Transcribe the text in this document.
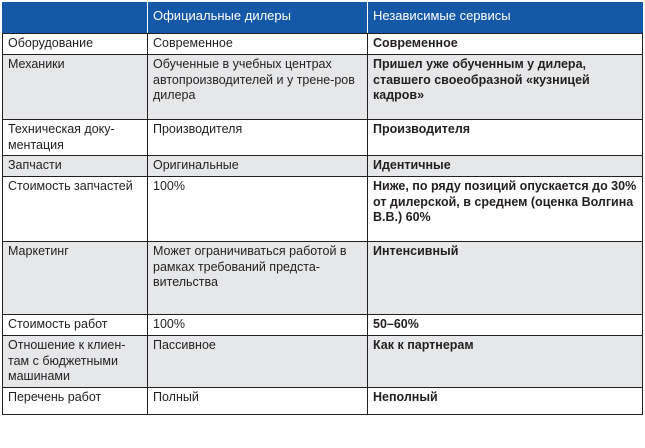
	Официальные дилеры	Независимые сервисы
Оборудование	Современное	Современное
Механики	Обученные в учебных центрах автопроизводителей и у трене-ров дилера	Пришел уже обученным у дилера, ставшего своеобразной «кузницей кадров»
Техническая доку-ментация	Производителя	Производителя
Запчасти	Оригинальные	Идентичные
Стоимость запчастей	100%	Ниже, по ряду позиций опускается до 30% от дилерской, в среднем (оценка Волгина В.В.) 60%
Маркетинг	Может ограничиваться работой в рамках требований предста-вительства	Интенсивный
Стоимость работ	100%	50–60%
Отношение к клиен-там с бюджетными машинами	Пассивное	Как к партнерам
Перечень работ	Полный	Неполный
